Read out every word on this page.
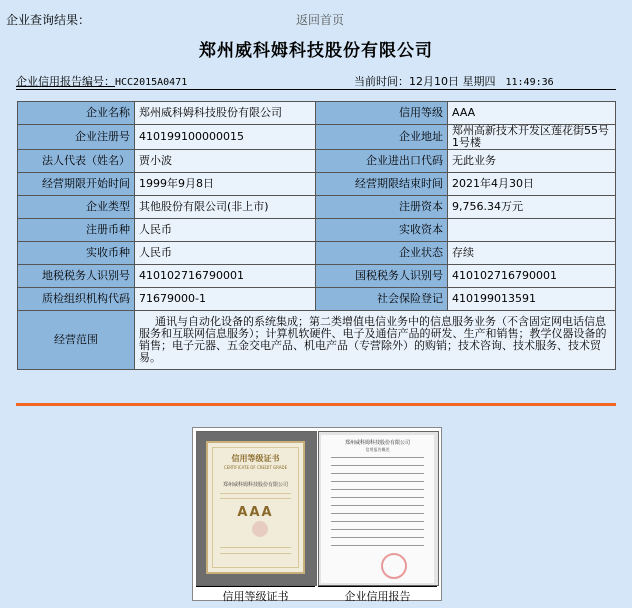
企业查询结果：	返回首页
郑州威科姆科技股份有限公司
企业信用报告编号：HCC2015A0471	当前时间：12月10日 星期四 11:49:36
企业名称	郑州威科姆科技股份有限公司	信用等级	AAA
企业注册号	410199100000015	企业地址	郑州高新技术开发区莲花街55号1号楼
法人代表（姓名）	贾小波	企业进出口代码	无此业务
经营期限开始时间	1999年9月8日	经营期限结束时间	2021年4月30日
企业类型	其他股份有限公司(非上市)	注册资本	9,756.34万元
注册币种	人民币	实收资本	
实收币种	人民币	企业状态	存续
地税税务人识别号	410102716790001	国税税务人识别号	410102716790001
质检组织机构代码	71679000-1	社会保险登记	410199013591
经营范围	通讯与自动化设备的系统集成；第二类增值电信业务中的信息服务业务（不含固定网电话信息服务和互联网信息服务）；计算机软硬件、电子及通信产品的研发、生产和销售；教学仪器设备的销售；电子元器、五金交电产品、机电产品（专营除外）的购销；技术咨询、技术服务、技术贸易。		
信用等级证书
CERTIFICATE OF CREDIT GRADE
郑州威科姆科技股份有限公司
AAA
郑州威科姆科技股份有限公司
信用报告概述
信用等级证书	企业信用报告
